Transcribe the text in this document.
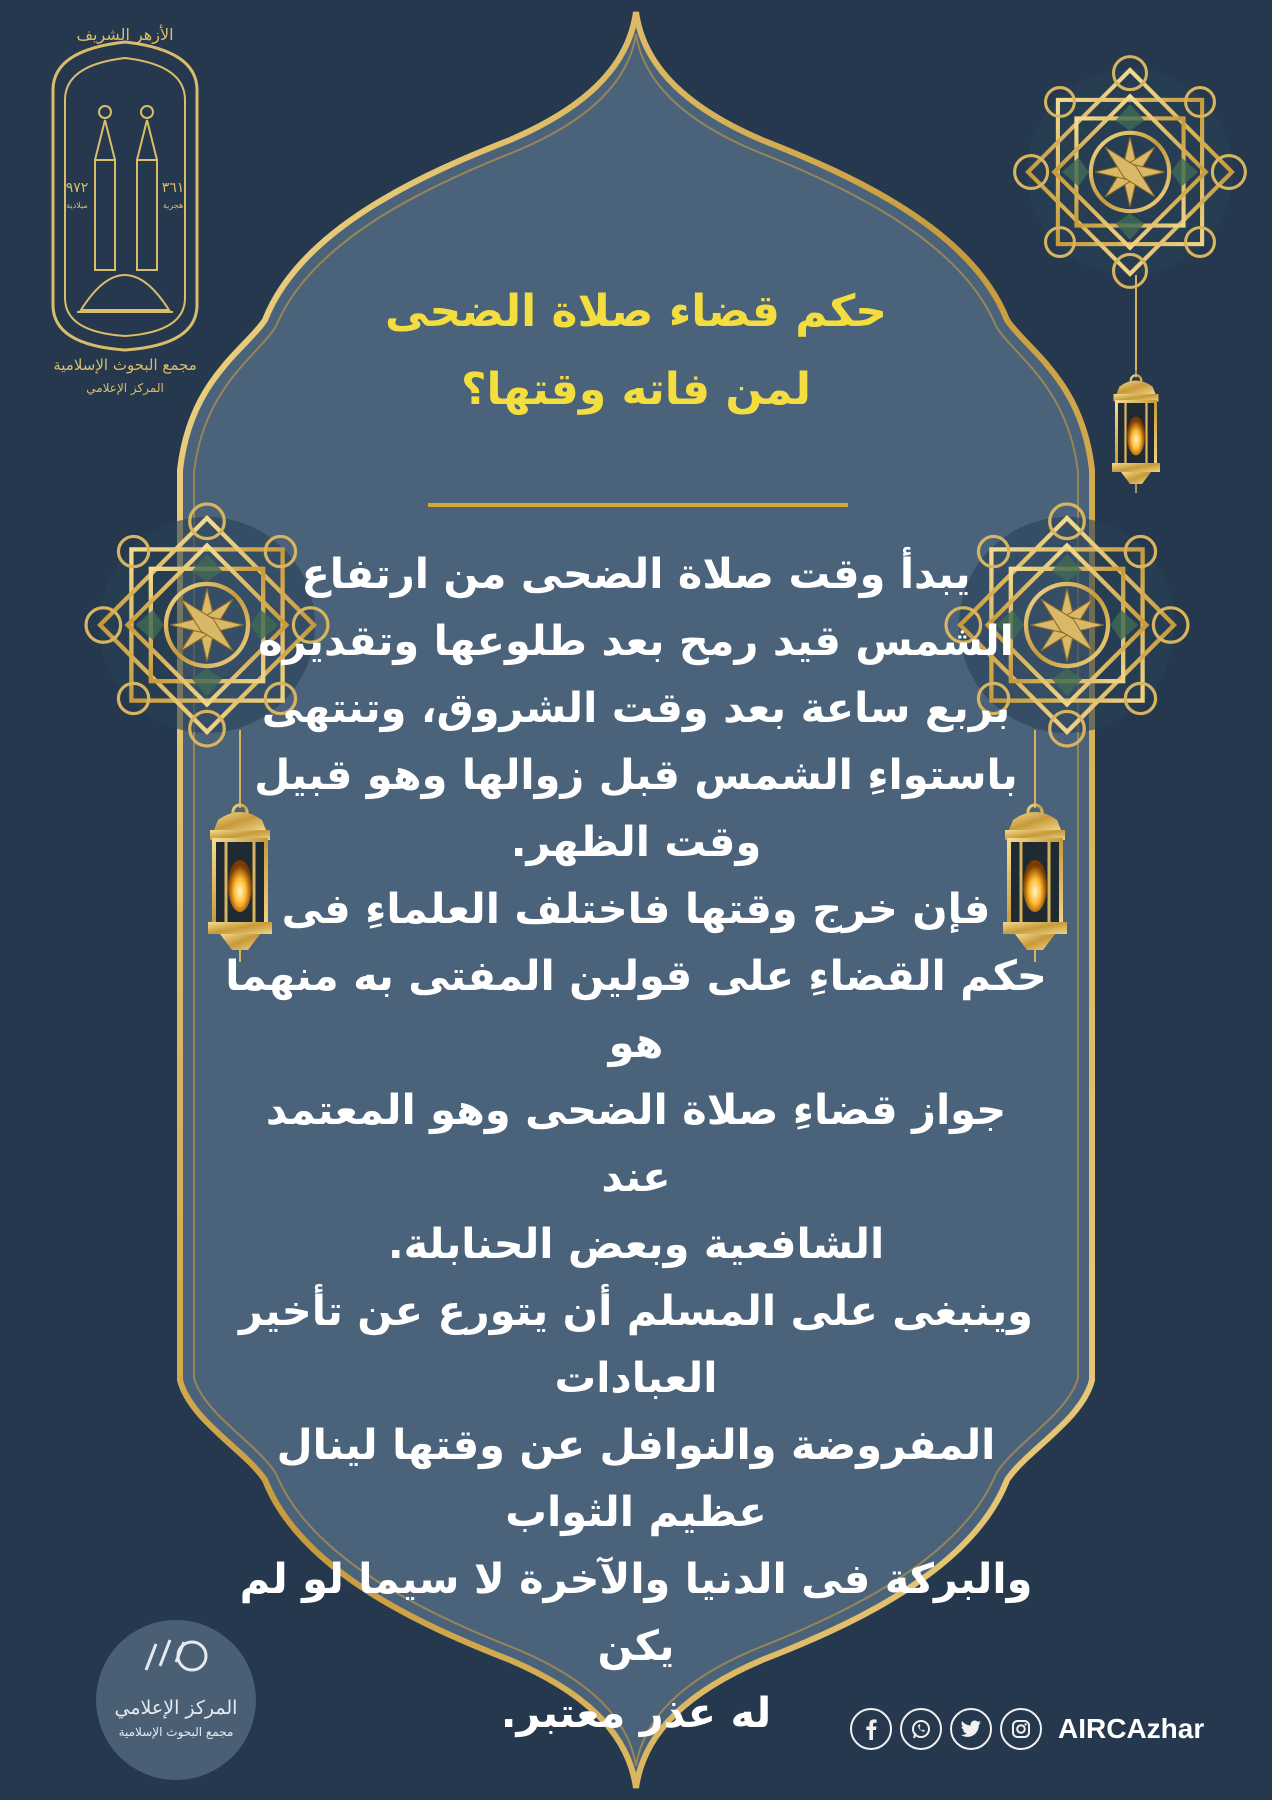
٩٧٢
ميلادية
٣٦١
هجرية
الأزهر الشريف
مجمع البحوث الإسلامية
المركز الإعلامي
المركز الإعلامي
مجمع البحوث الإسلامية
حكم قضاء صلاة الضحى
لمن فاته وقتها؟

يبدأ وقت صلاة الضحى من ارتفاع

الشمس قيد رمح بعد طلوعها وتقديره

بربع ساعة بعد وقت الشروق، وتنتهى

باستواءِ الشمس قبل زوالها وهو قبيل

وقت الظهر.

فإن خرج وقتها فاختلف العلماءِ فى

حكم القضاءِ على قولين المفتى به منهما هو

جواز قضاءِ صلاة الضحى وهو المعتمد عند

الشافعية وبعض الحنابلة.

وينبغى على المسلم أن يتورع عن تأخير العبادات

المفروضة والنوافل عن وقتها لينال عظيم الثواب

والبركة فى الدنيا والآخرة لا سيما لو لم يكن

له عذر معتبر.	AIRCAzhar
